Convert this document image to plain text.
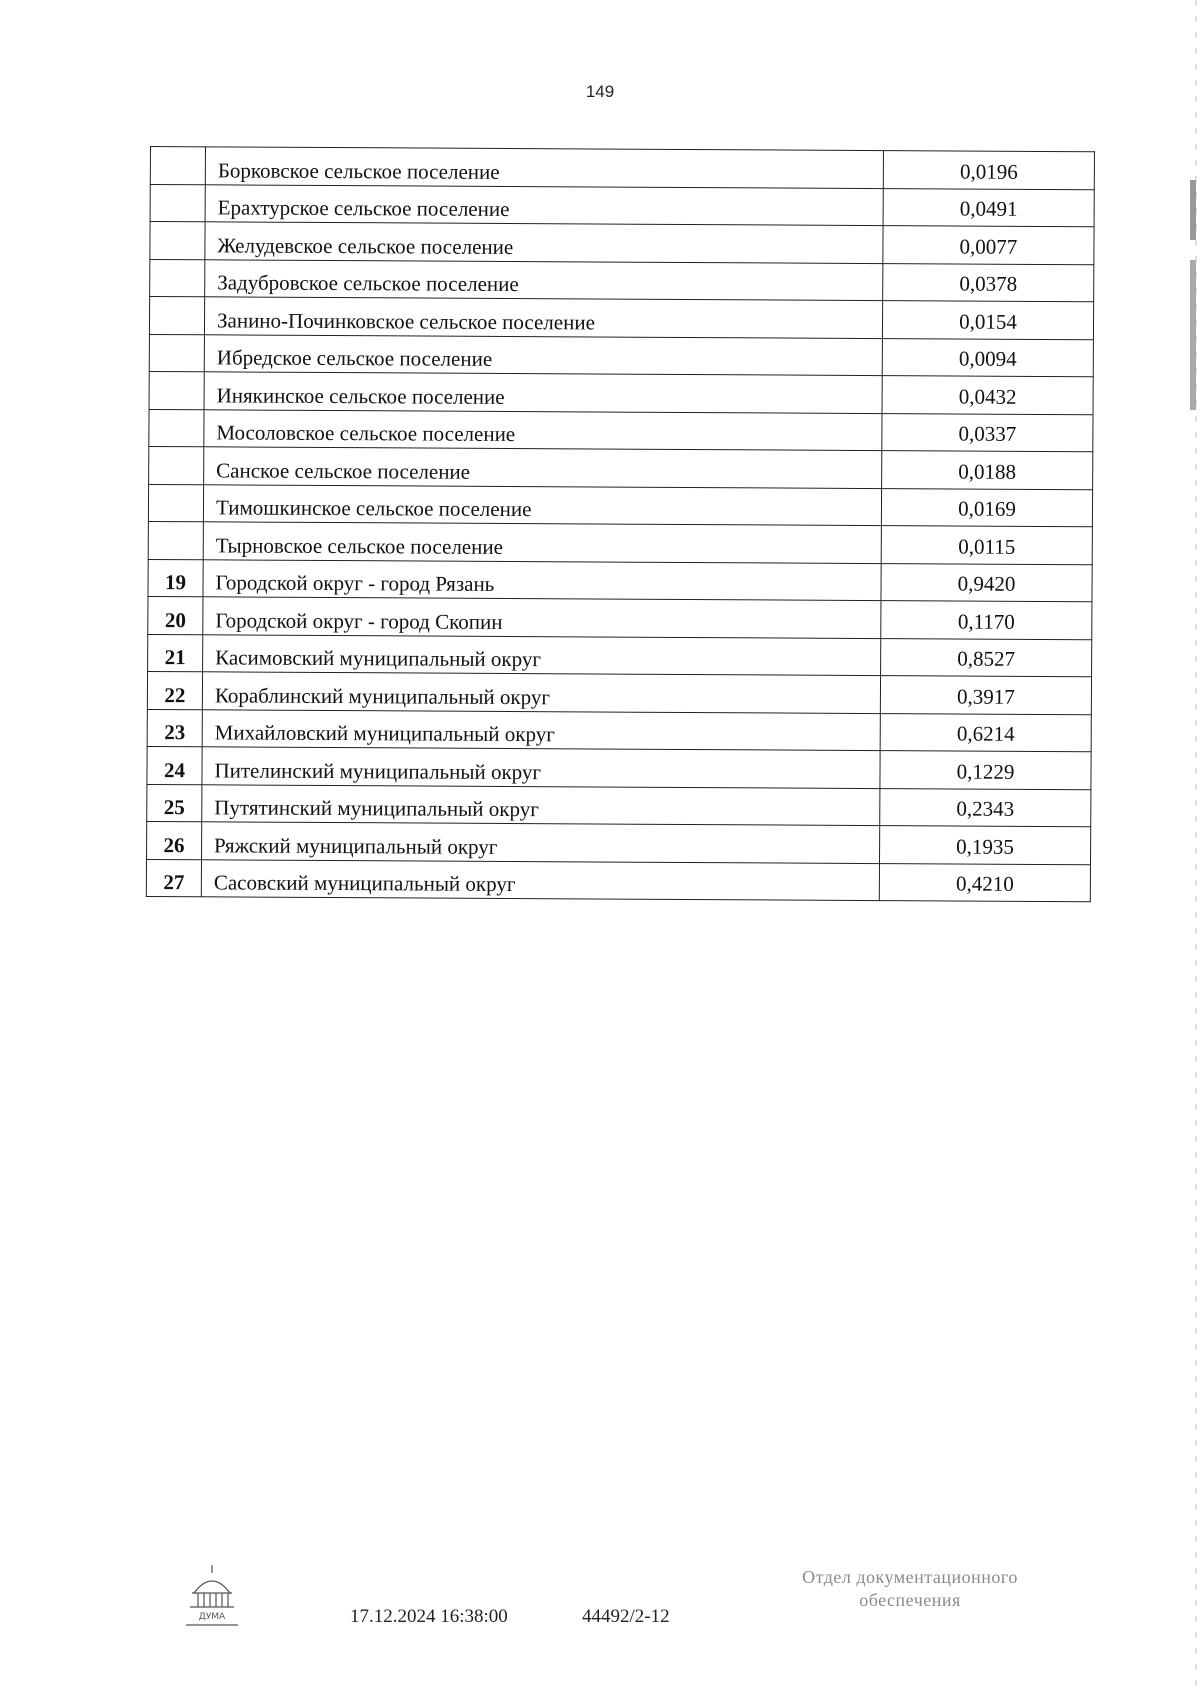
149
	Борковское сельское поселение	0,0196
	Ерахтурское сельское поселение	0,0491
	Желудевское сельское поселение	0,0077
	Задубровское сельское поселение	0,0378
	Занино-Починковское сельское поселение	0,0154
	Ибредское сельское поселение	0,0094
	Инякинское сельское поселение	0,0432
	Мосоловское сельское поселение	0,0337
	Санское сельское поселение	0,0188
	Тимошкинское сельское поселение	0,0169
	Тырновское сельское поселение	0,0115
19	Городской округ - город Рязань	0,9420
20	Городской округ - город Скопин	0,1170
21	Касимовский муниципальный округ	0,8527
22	Кораблинский муниципальный округ	0,3917
23	Михайловский муниципальный округ	0,6214
24	Пителинский муниципальный округ	0,1229
25	Путятинский муниципальный округ	0,2343
26	Ряжский муниципальный округ	0,1935
27	Сасовский муниципальный округ	0,4210
ДУМА	17.12.2024 16:38:00	44492/2-12
Отдел документационного
обеспечения
